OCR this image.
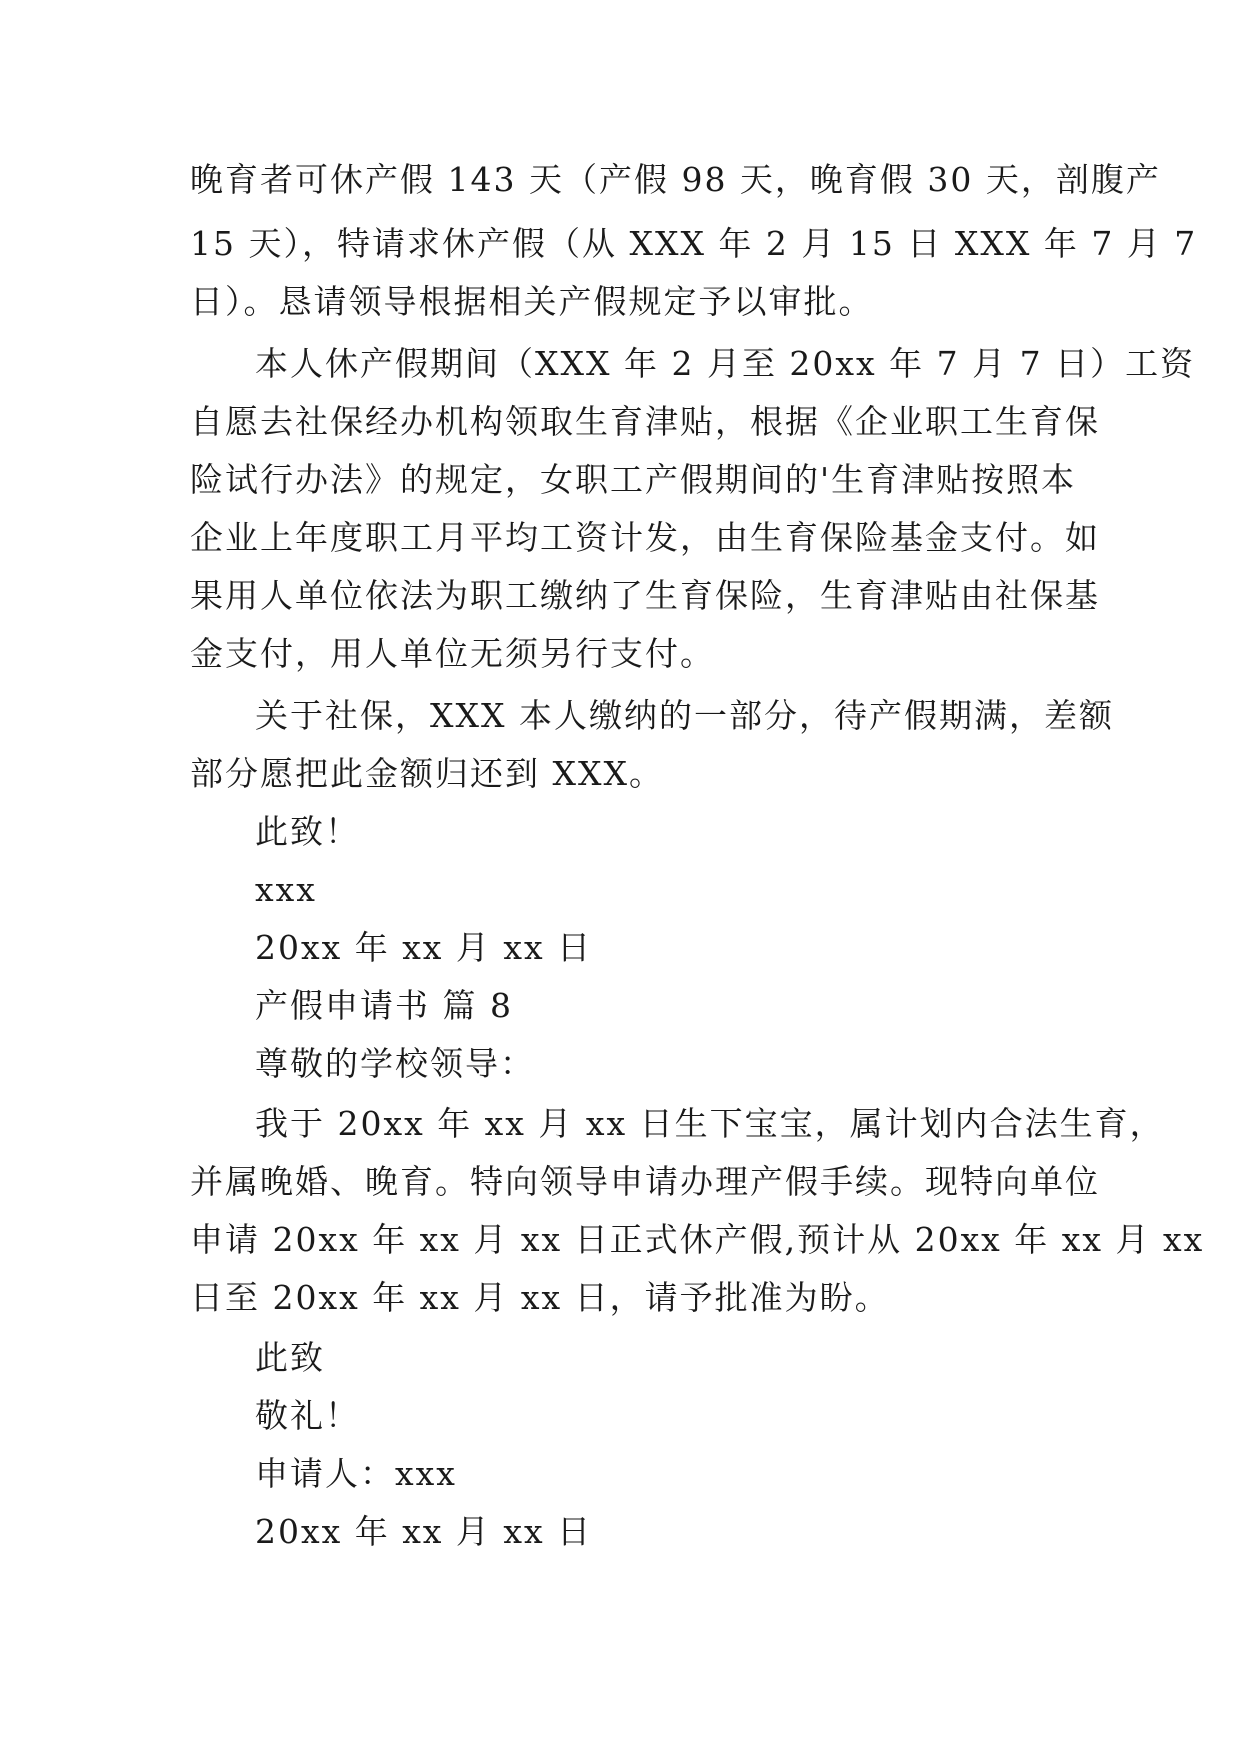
晚育者可休产假 143 天（产假 98 天，晚育假 30 天，剖腹产
15 天），特请求休产假（从 XXX 年 2 月 15 日 XXX 年 7 月 7
日）。恳请领导根据相关产假规定予以审批。
本人休产假期间（XXX 年 2 月至 20xx 年 7 月 7 日）工资
自愿去社保经办机构领取生育津贴，根据《企业职工生育保
险试行办法》的规定，女职工产假期间的'生育津贴按照本
企业上年度职工月平均工资计发，由生育保险基金支付。如
果用人单位依法为职工缴纳了生育保险，生育津贴由社保基
金支付，用人单位无须另行支付。
关于社保，XXX 本人缴纳的一部分，待产假期满，差额
部分愿把此金额归还到 XXX。
此致！
xxx
20xx 年 xx 月 xx 日
产假申请书 篇 8
尊敬的学校领导：
我于 20xx 年 xx 月 xx 日生下宝宝，属计划内合法生育，
并属晚婚、晚育。特向领导申请办理产假手续。现特向单位
申请 20xx 年 xx 月 xx 日正式休产假,预计从 20xx 年 xx 月 xx
日至 20xx 年 xx 月 xx 日，请予批准为盼。
此致
敬礼！
申请人：xxx
20xx 年 xx 月 xx 日
